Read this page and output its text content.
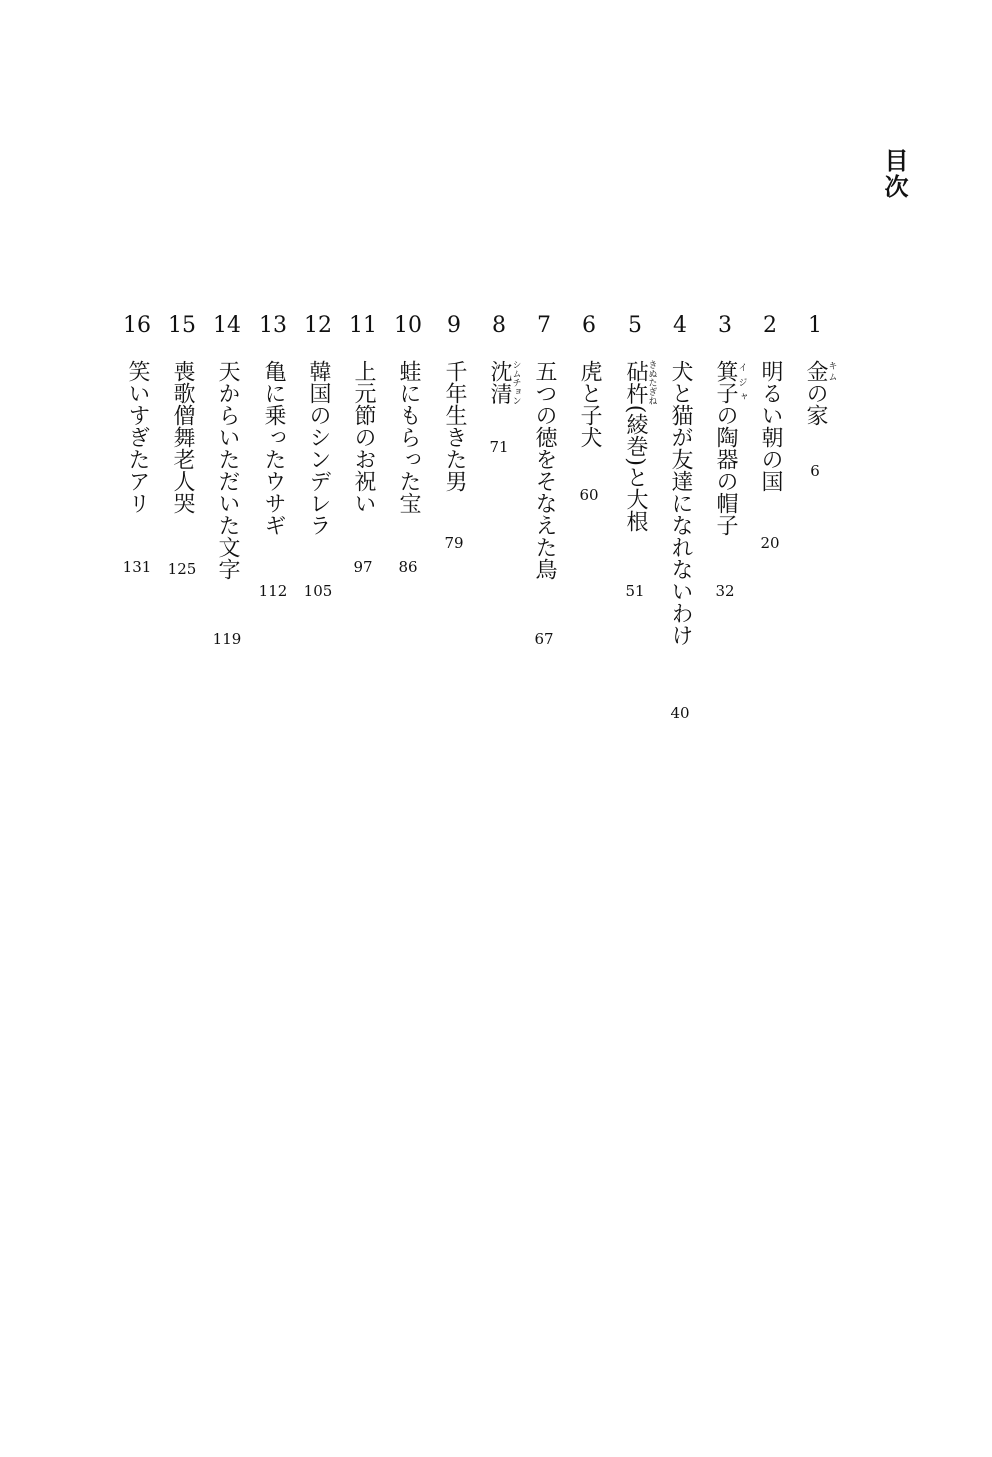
目次
1
2
3
4
5
6
7
8
9
10
11
12
13
14
15
16
金キムの家
明るい朝の国
箕子イジャの陶器の帽子
犬と猫が友達になれないわけ
砧杵きぬたぎね(綾巻)と大根
虎と子犬
五つの徳をそなえた鳥
沈清シムチョン
千年生きた男
蛙にもらった宝
上元節のお祝い
韓国のシンデレラ
亀に乗ったウサギ
天からいただいた文字
喪歌僧舞老人哭
笑いすぎたアリ	6
20
32
40
51
60
67
71
79
86
97
105
112
119
125
131
